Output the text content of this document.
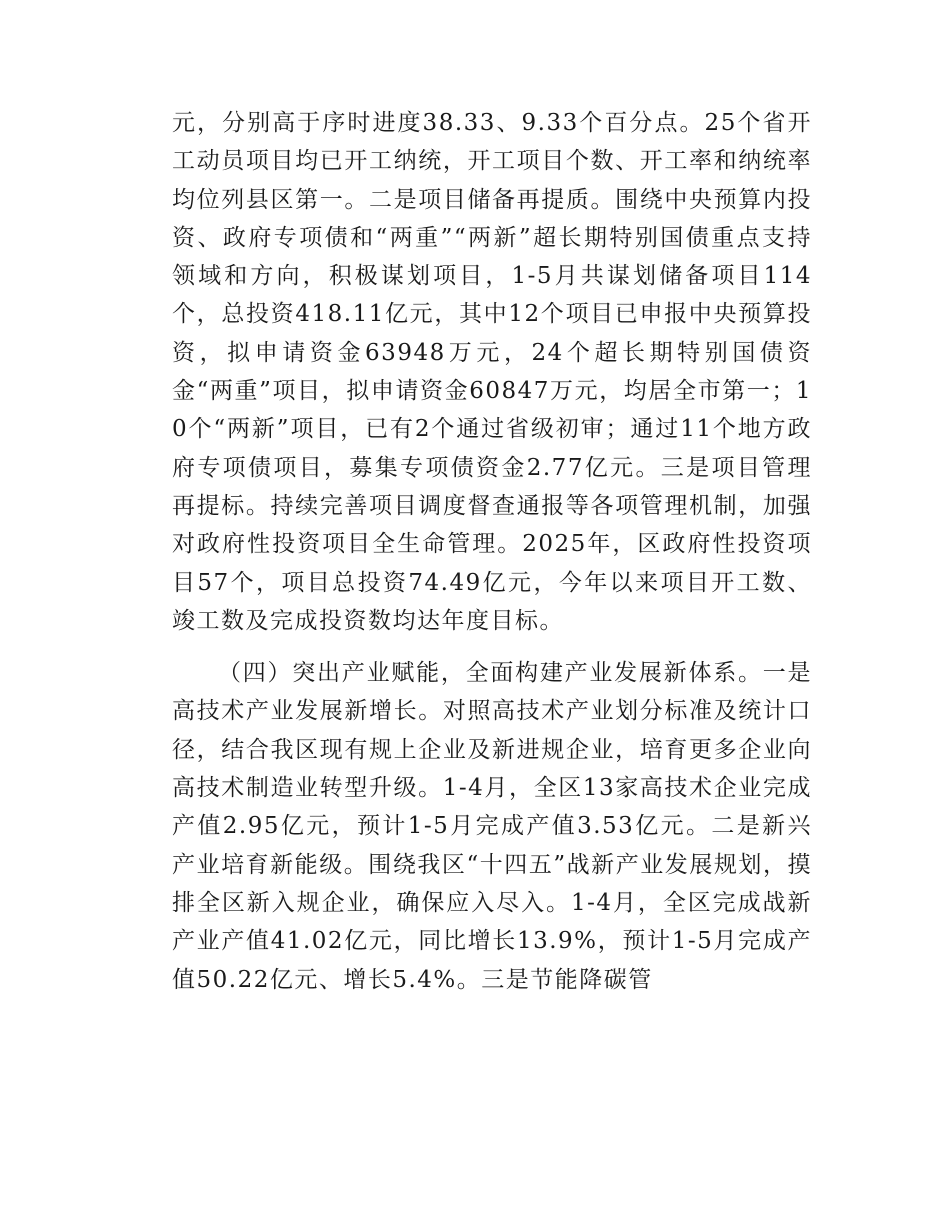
元，分别高于序时进度38.33、9.33个百分点。25个省开工动员项目均已开工纳统，开工项目个数、开工率和纳统率均位列县区第一。二是项目储备再提质。围绕中央预算内投资、政府专项债和“两重”“两新”超长期特别国债重点支持领域和方向，积极谋划项目，1-5月共谋划储备项目114个，总投资418.11亿元，其中12个项目已申报中央预算投资，拟申请资金63948万元，24个超长期特别国债资金“两重”项目，拟申请资金60847万元，均居全市第一；10个“两新”项目，已有2个通过省级初审；通过11个地方政府专项债项目，募集专项债资金2.77亿元。三是项目管理再提标。持续完善项目调度督查通报等各项管理机制，加强对政府性投资项目全生命管理。2025年，区政府性投资项目57个，项目总投资74.49亿元，今年以来项目开工数、竣工数及完成投资数均达年度目标。

（四）突出产业赋能，全面构建产业发展新体系。一是高技术产业发展新增长。对照高技术产业划分标准及统计口径，结合我区现有规上企业及新进规企业，培育更多企业向高技术制造业转型升级。1-4月，全区13家高技术企业完成产值2.95亿元，预计1-5月完成产值3.53亿元。二是新兴产业培育新能级。围绕我区“十四五”战新产业发展规划，摸排全区新入规企业，确保应入尽入。1-4月，全区完成战新产业产值41.02亿元，同比增长13.9%，预计1-5月完成产值50.22亿元、增长5.4%。三是节能降碳管
